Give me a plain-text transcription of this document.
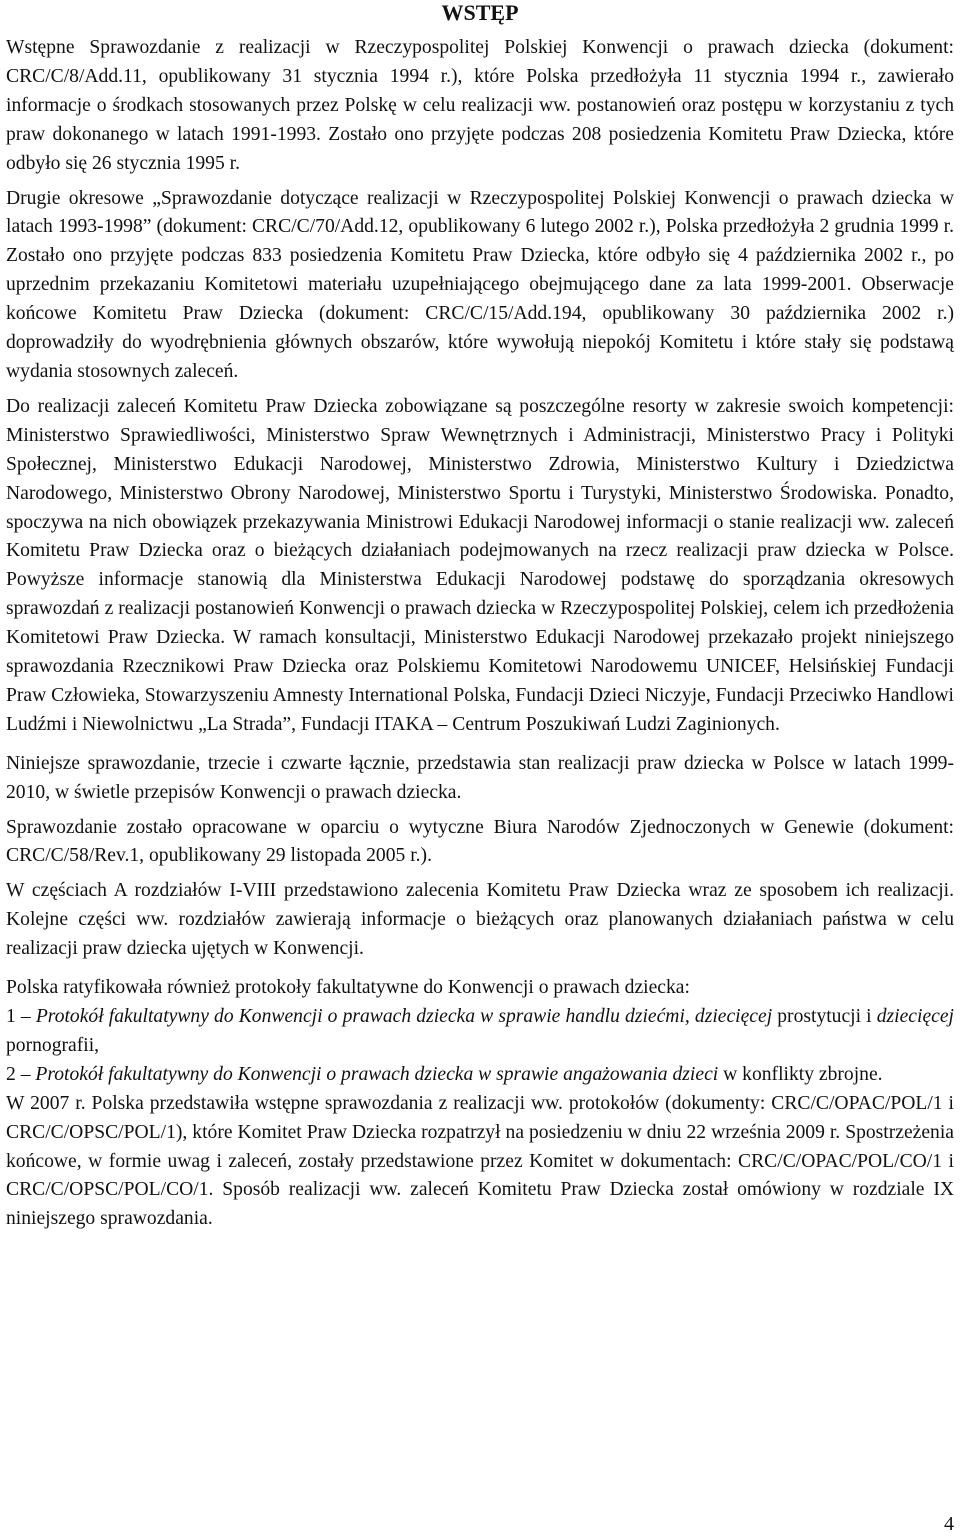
WSTĘP

Wstępne Sprawozdanie z realizacji w Rzeczypospolitej Polskiej Konwencji o prawach dziecka (dokument: CRC/C/8/Add.11, opublikowany 31 stycznia 1994 r.), które Polska przedłożyła 11 stycznia 1994 r., zawierało informacje o środkach stosowanych przez Polskę w celu realizacji ww. postanowień oraz postępu w korzystaniu z tych praw dokonanego w latach 1991-1993. Zostało ono przyjęte podczas 208 posiedzenia Komitetu Praw Dziecka, które odbyło się 26 stycznia 1995 r.

Drugie okresowe „Sprawozdanie dotyczące realizacji w Rzeczypospolitej Polskiej Konwencji o prawach dziecka w latach 1993-1998” (dokument: CRC/C/70/Add.12, opublikowany 6 lutego 2002 r.), Polska przedłożyła 2 grudnia 1999 r. Zostało ono przyjęte podczas 833 posiedzenia Komitetu Praw Dziecka, które odbyło się 4 października 2002 r., po uprzednim przekazaniu Komitetowi materiału uzupełniającego obejmującego dane za lata 1999-2001. Obserwacje końcowe Komitetu Praw Dziecka (dokument: CRC/C/15/Add.194, opublikowany 30 października 2002 r.) doprowadziły do wyodrębnienia głównych obszarów, które wywołują niepokój Komitetu i które stały się podstawą wydania stosownych zaleceń.

Do realizacji zaleceń Komitetu Praw Dziecka zobowiązane są poszczególne resorty w zakresie swoich kompetencji: Ministerstwo Sprawiedliwości, Ministerstwo Spraw Wewnętrznych i Administracji, Ministerstwo Pracy i Polityki Społecznej, Ministerstwo Edukacji Narodowej, Ministerstwo Zdrowia, Ministerstwo Kultury i Dziedzictwa Narodowego, Ministerstwo Obrony Narodowej, Ministerstwo Sportu i Turystyki, Ministerstwo Środowiska. Ponadto, spoczywa na nich obowiązek przekazywania Ministrowi Edukacji Narodowej informacji o stanie realizacji ww. zaleceń Komitetu Praw Dziecka oraz o bieżących działaniach podejmowanych na rzecz realizacji praw dziecka w Polsce. Powyższe informacje stanowią dla Ministerstwa Edukacji Narodowej podstawę do sporządzania okresowych sprawozdań z realizacji postanowień Konwencji o prawach dziecka w Rzeczypospolitej Polskiej, celem ich przedłożenia Komitetowi Praw Dziecka. W ramach konsultacji, Ministerstwo Edukacji Narodowej przekazało projekt niniejszego sprawozdania Rzecznikowi Praw Dziecka oraz Polskiemu Komitetowi Narodowemu UNICEF, Helsińskiej Fundacji Praw Człowieka, Stowarzyszeniu Amnesty International Polska, Fundacji Dzieci Niczyje, Fundacji Przeciwko Handlowi Ludźmi i Niewolnictwu „La Strada”, Fundacji ITAKA – Centrum Poszukiwań Ludzi Zaginionych.

Niniejsze sprawozdanie, trzecie i czwarte łącznie, przedstawia stan realizacji praw dziecka w Polsce w latach 1999-2010, w świetle przepisów Konwencji o prawach dziecka.

Sprawozdanie zostało opracowane w oparciu o wytyczne Biura Narodów Zjednoczonych w Genewie (dokument: CRC/C/58/Rev.1, opublikowany 29 listopada 2005 r.).

W częściach A rozdziałów I-VIII przedstawiono zalecenia Komitetu Praw Dziecka wraz ze sposobem ich realizacji. Kolejne części ww. rozdziałów zawierają informacje o bieżących oraz planowanych działaniach państwa w celu realizacji praw dziecka ujętych w Konwencji.

Polska ratyfikowała również protokoły fakultatywne do Konwencji o prawach dziecka:

1 – Protokół fakultatywny do Konwencji o prawach dziecka w sprawie handlu dziećmi, dziecięcej prostytucji i dziecięcej pornografii,

2 – Protokół fakultatywny do Konwencji o prawach dziecka w sprawie angażowania dzieci w konflikty zbrojne.

W 2007 r. Polska przedstawiła wstępne sprawozdania z realizacji ww. protokołów (dokumenty: CRC/C/OPAC/POL/1 i CRC/C/OPSC/POL/1), które Komitet Praw Dziecka rozpatrzył na posiedzeniu w dniu 22 września 2009 r. Spostrzeżenia końcowe, w formie uwag i zaleceń, zostały przedstawione przez Komitet w dokumentach: CRC/C/OPAC/POL/CO/1 i CRC/C/OPSC/POL/CO/1. Sposób realizacji ww. zaleceń Komitetu Praw Dziecka został omówiony w rozdziale IX niniejszego sprawozdania.

4
